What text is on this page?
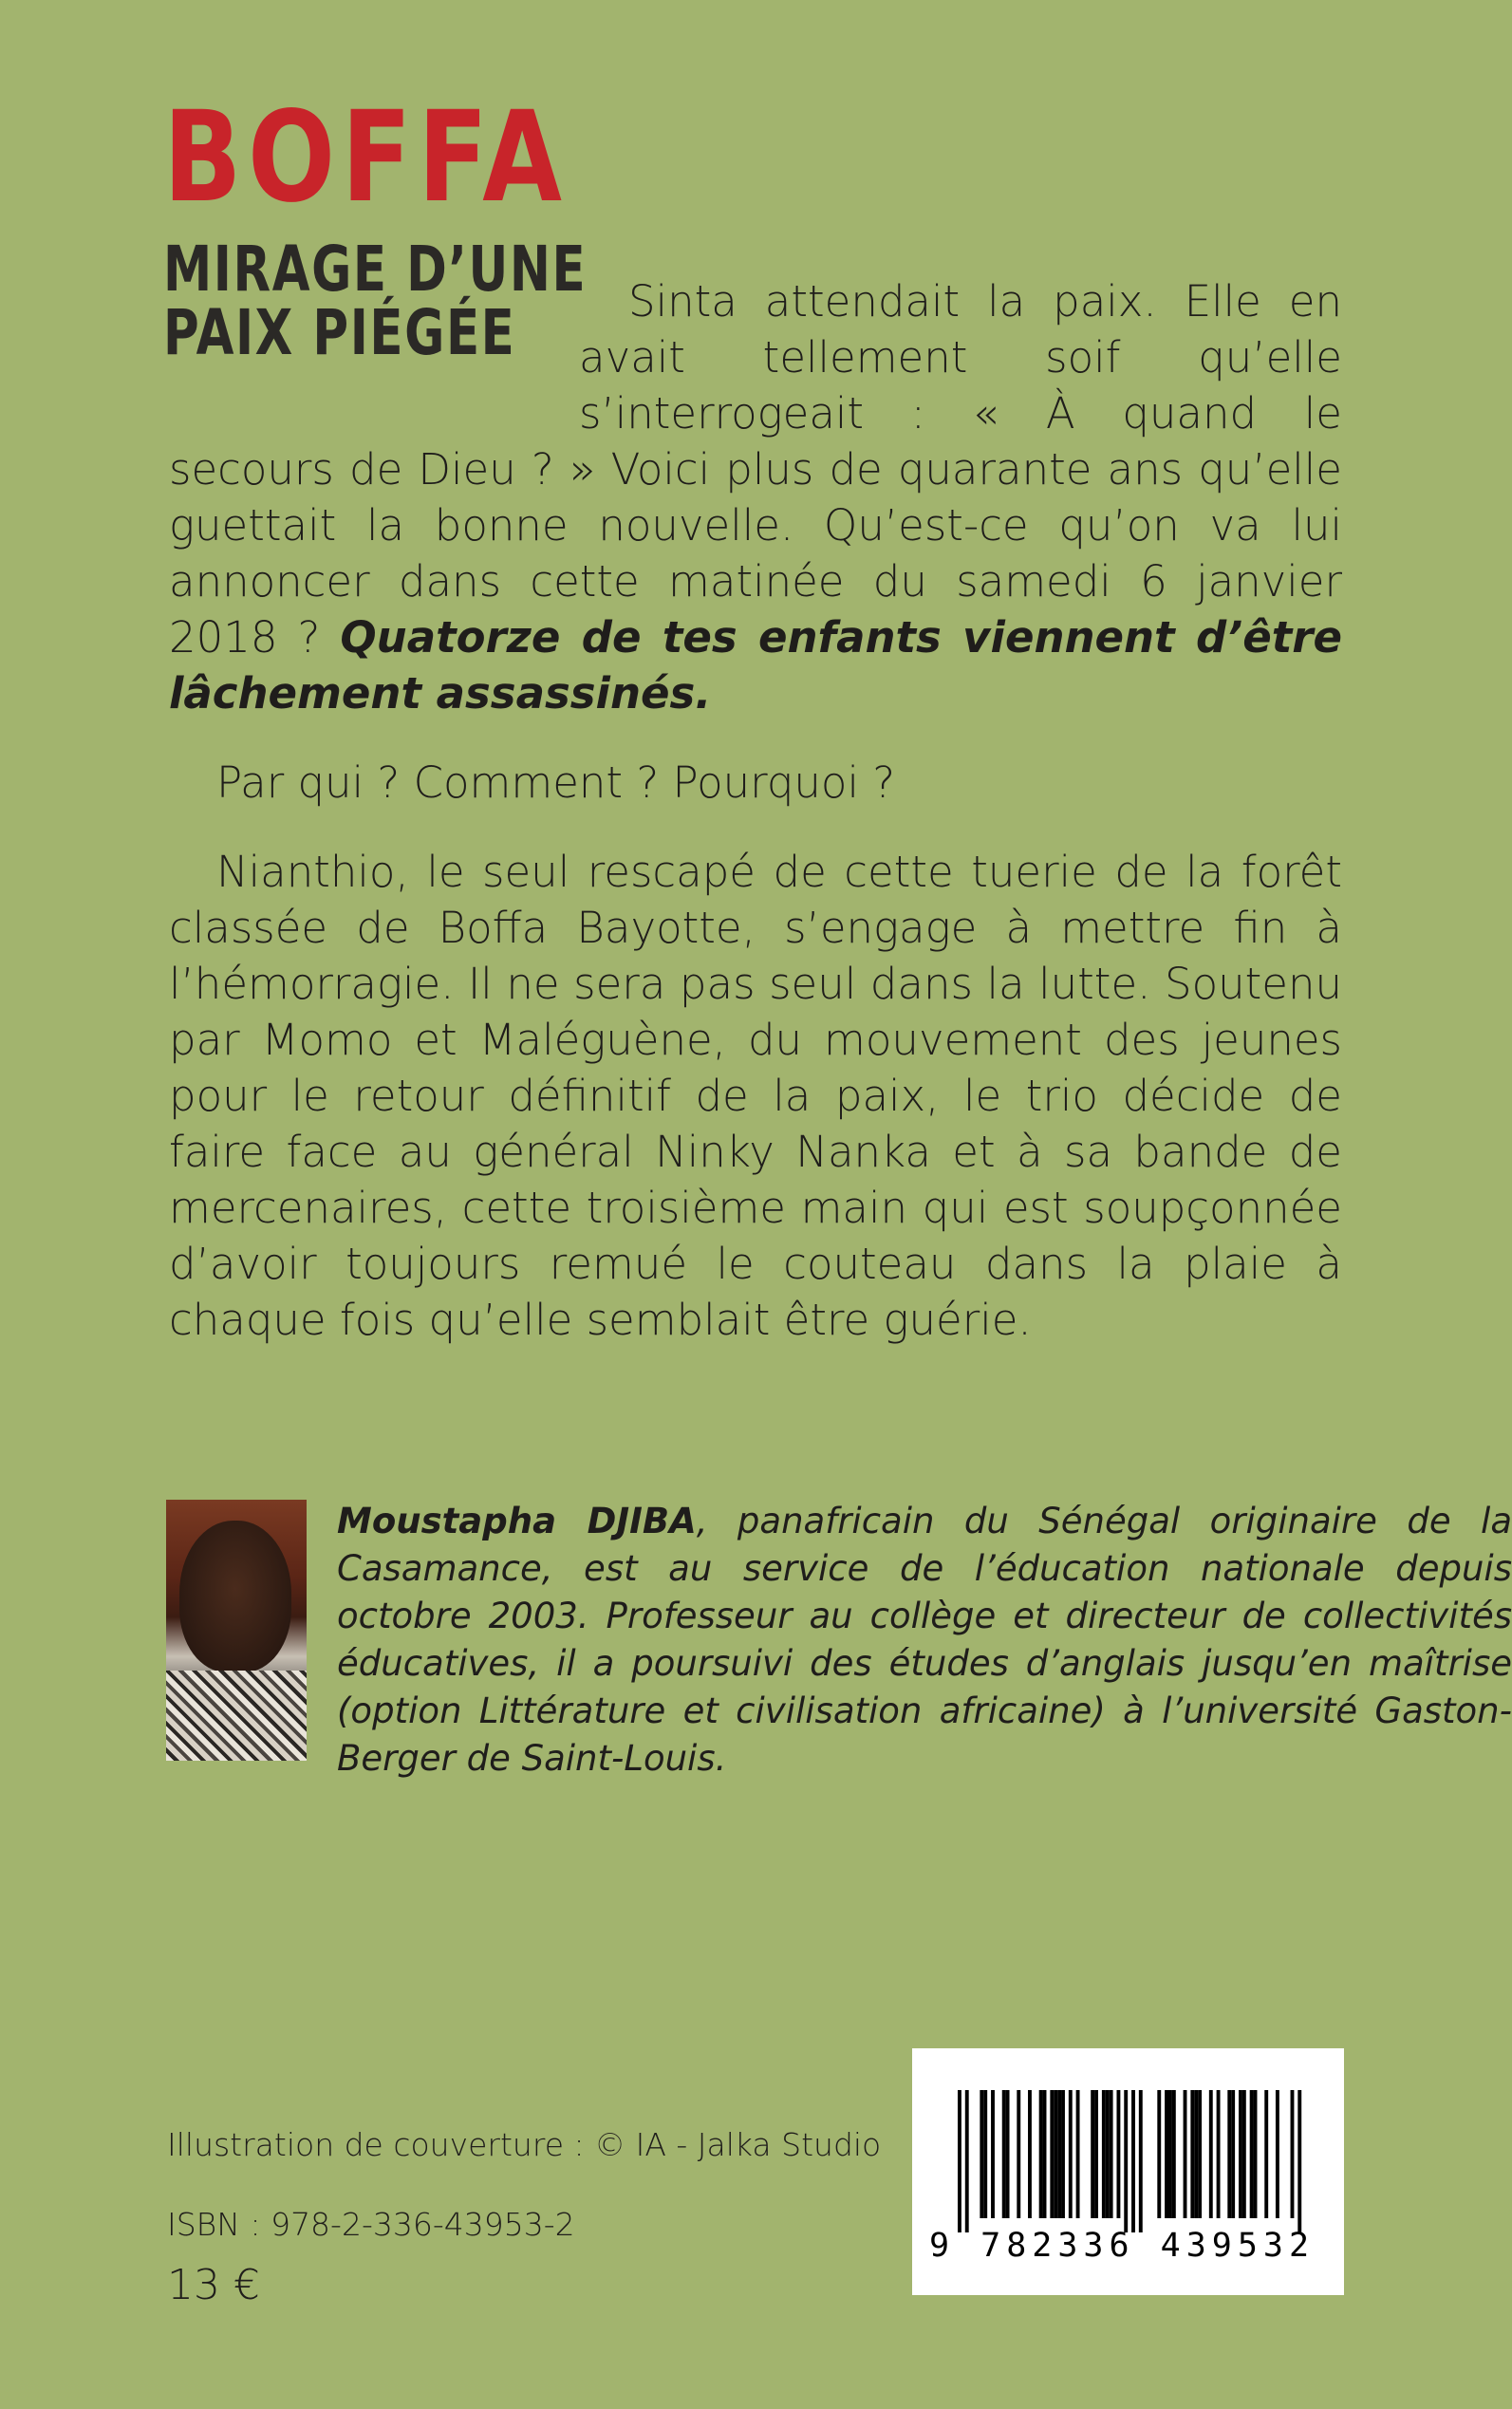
BOFFA
MIRAGE D’UNE
PAIX PIÉGÉE	Sinta attendait la paix. Elle en avait tellement soif qu’elle s’interrogeait : « À quand le secours de Dieu ? » Voici plus de quarante ans qu’elle guettait la bonne nouvelle. Qu’est-ce qu’on va lui annoncer dans cette matinée du samedi 6 janvier 2018 ? Quatorze de tes enfants viennent d’être lâchement assassinés.

Par qui ? Comment ? Pourquoi ?

Nianthio, le seul rescapé de cette tuerie de la forêt classée de Boffa Bayotte, s’engage à mettre fin à l’hémorragie. Il ne sera pas seul dans la lutte. Soutenu par Momo et Maléguène, du mouvement des jeunes pour le retour définitif de la paix, le trio décide de faire face au général Ninky Nanka et à sa bande de mercenaires, cette troisième main qui est soupçonnée d’avoir toujours remué le couteau dans la plaie à chaque fois qu’elle semblait être guérie.

Moustapha DJIBA, panafricain du Sénégal originaire de la Casamance, est au service de l’éducation nationale depuis octobre 2003. Professeur au collège et directeur de collectivités éducatives, il a poursuivi des études d’anglais jusqu’en maîtrise (option Littérature et civilisation africaine) à l’université Gaston-Berger de Saint-Louis.
Illustration de couverture : © IA - Jalka Studio
ISBN : 978-2-336-43953-2
13 €
9 782336 439532
